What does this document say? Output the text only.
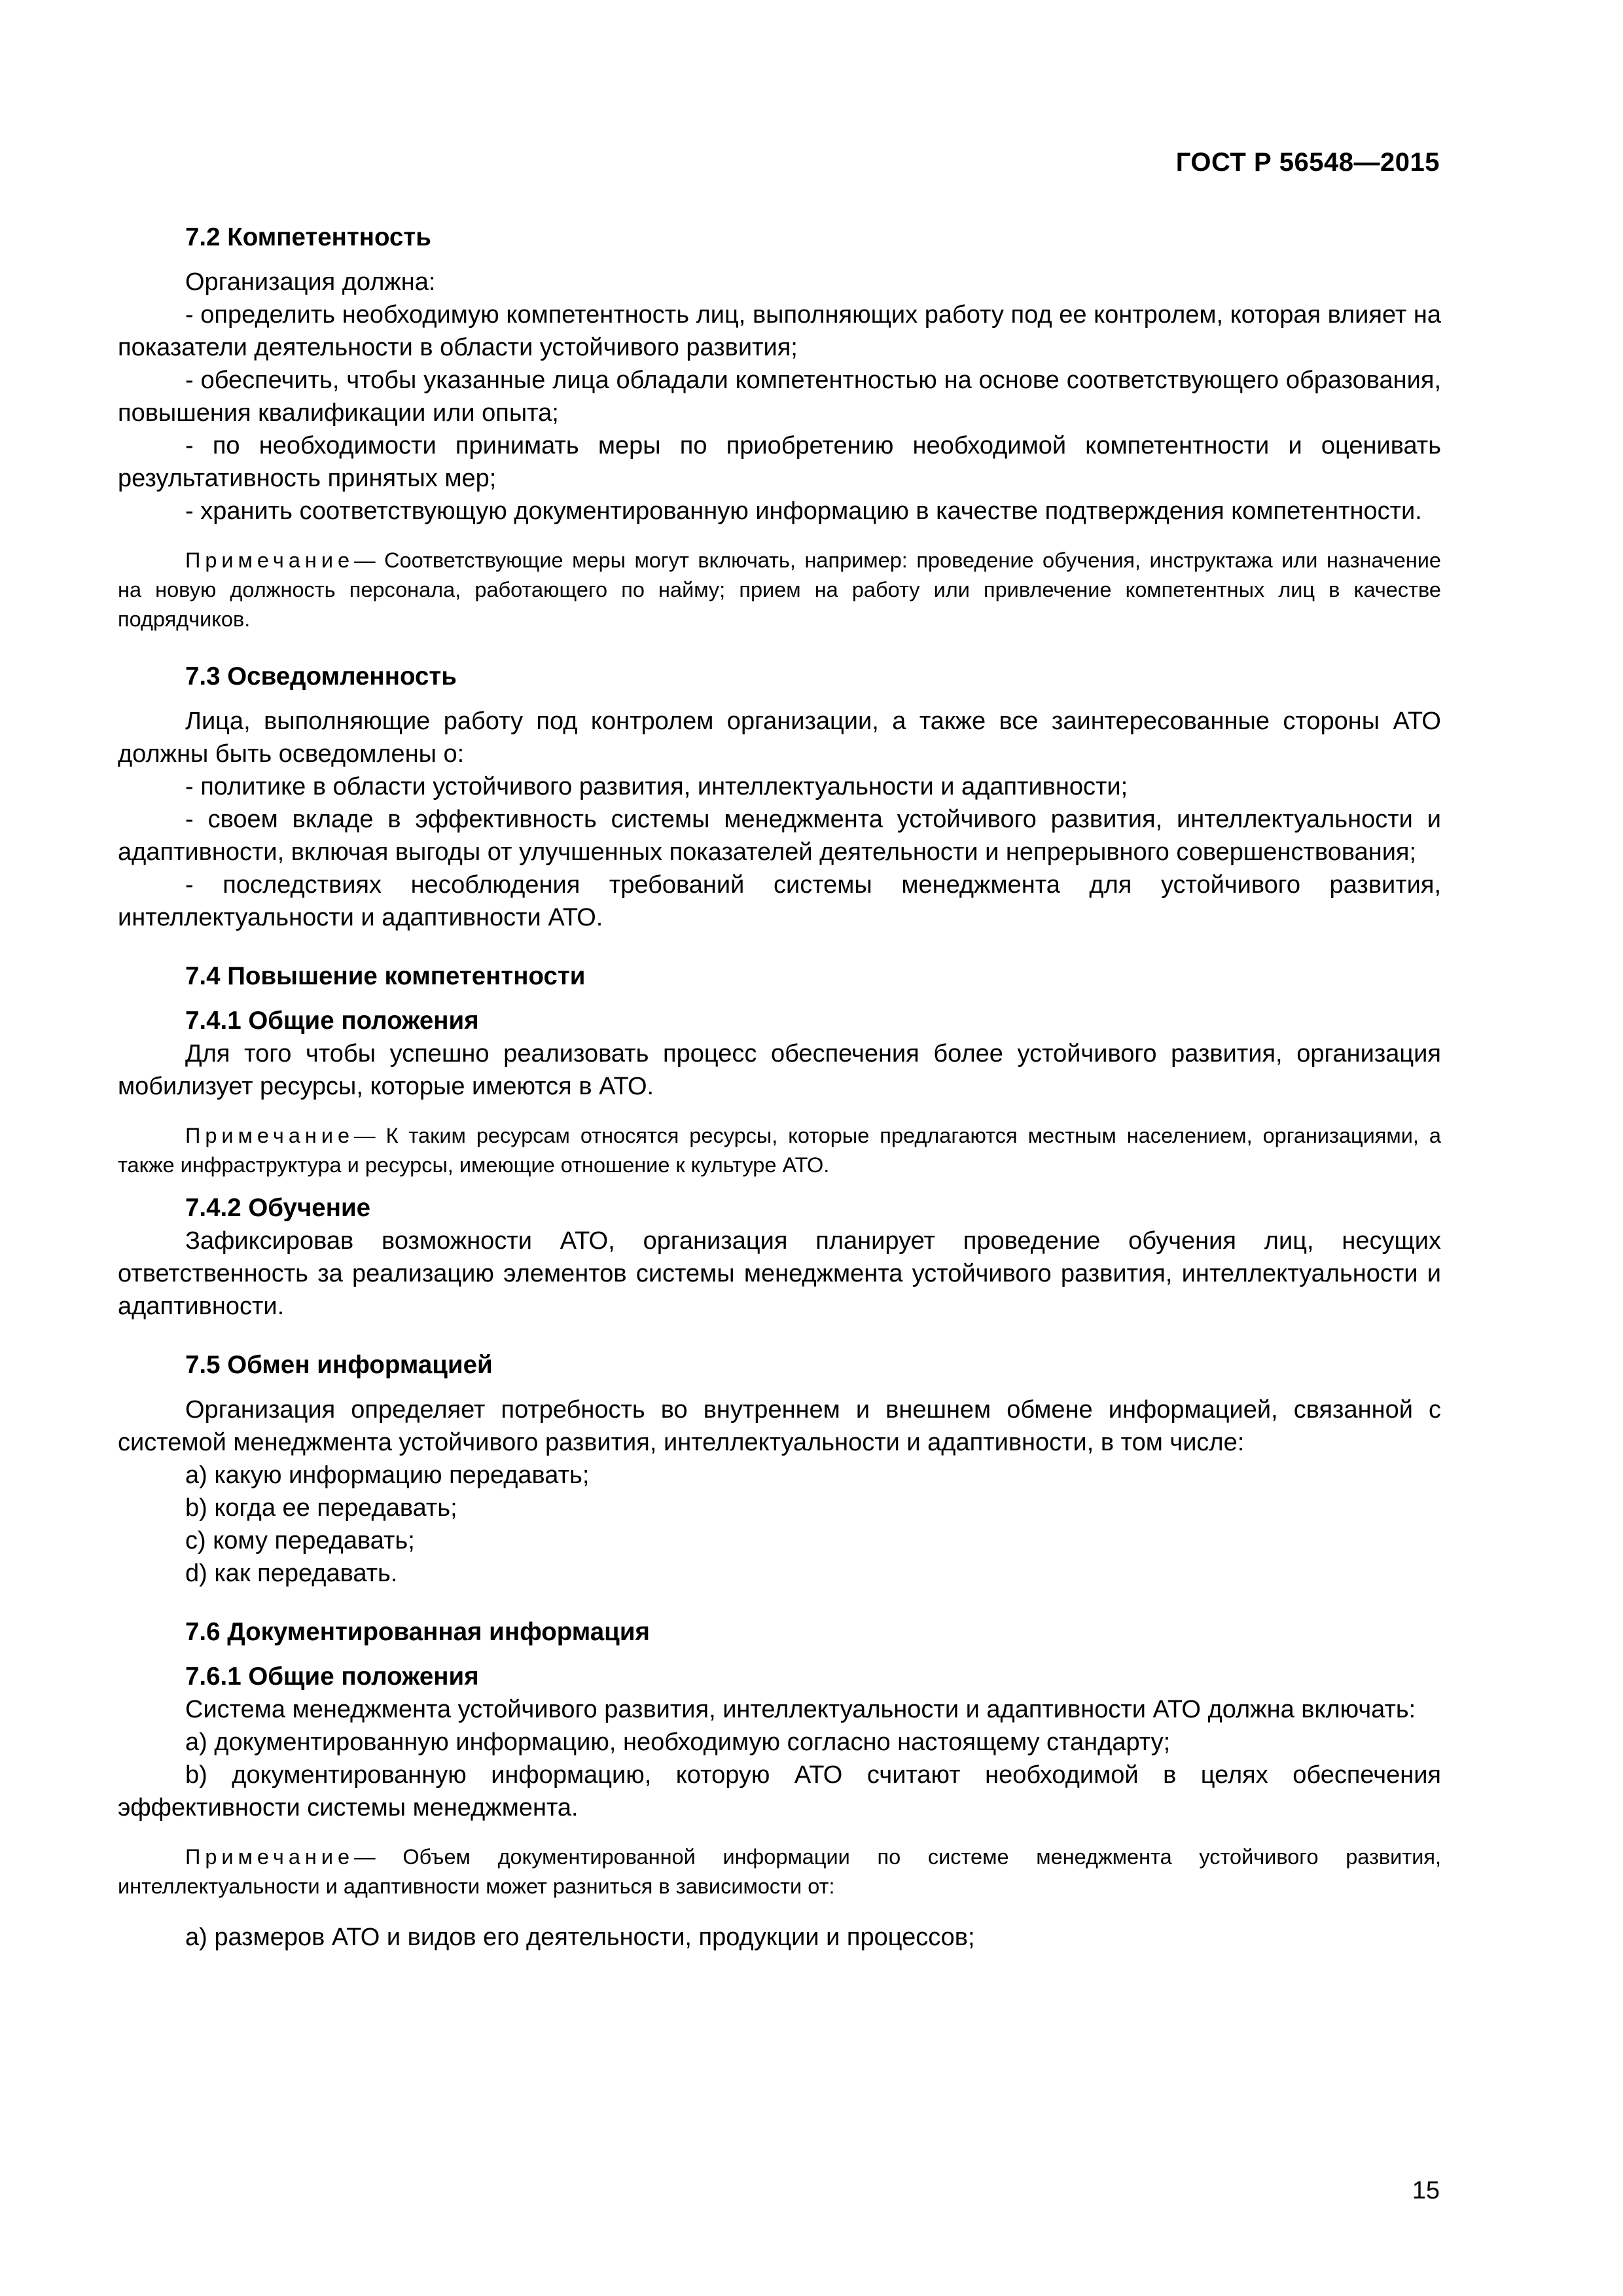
ГОСТ Р 56548—2015

7.2 Компетентность

Организация должна:

- определить необходимую компетентность лиц, выполняющих работу под ее контролем, которая влияет на показатели деятельности в области устойчивого развития;

- обеспечить, чтобы указанные лица обладали компетентностью на основе соответствующего образования, повышения квалификации или опыта;

- по необходимости принимать меры по приобретению необходимой компетентности и оценивать результативность принятых мер;

- хранить соответствующую документированную информацию в качестве подтверждения компетентности.

Примечание— Соответствующие меры могут включать, например: проведение обучения, инструктажа или назначение на новую должность персонала, работающего по найму; прием на работу или привлечение компетентных лиц в качестве подрядчиков.

7.3 Осведомленность

Лица, выполняющие работу под контролем организации, а также все заинтересованные стороны АТО должны быть осведомлены о:

- политике в области устойчивого развития, интеллектуальности и адаптивности;

- своем вкладе в эффективность системы менеджмента устойчивого развития, интеллектуальности и адаптивности, включая выгоды от улучшенных показателей деятельности и непрерывного совершенствования;

- последствиях несоблюдения требований системы менеджмента для устойчивого развития, интеллектуальности и адаптивности АТО.

7.4 Повышение компетентности

7.4.1 Общие положения

Для того чтобы успешно реализовать процесс обеспечения более устойчивого развития, организация мобилизует ресурсы, которые имеются в АТО.

Примечание— К таким ресурсам относятся ресурсы, которые предлагаются местным населением, организациями, а также инфраструктура и ресурсы, имеющие отношение к культуре АТО.

7.4.2 Обучение

Зафиксировав возможности АТО, организация планирует проведение обучения лиц, несущих ответственность за реализацию элементов системы менеджмента устойчивого развития, интеллектуальности и адаптивности.

7.5 Обмен информацией

Организация определяет потребность во внутреннем и внешнем обмене информацией, связанной с системой менеджмента устойчивого развития, интеллектуальности и адаптивности, в том числе:

a) какую информацию передавать;

b) когда ее передавать;

c) кому передавать;

d) как передавать.

7.6 Документированная информация

7.6.1 Общие положения

Система менеджмента устойчивого развития, интеллектуальности и адаптивности АТО должна включать:

a) документированную информацию, необходимую согласно настоящему стандарту;

b) документированную информацию, которую АТО считают необходимой в целях обеспечения эффективности системы менеджмента.

Примечание— Объем документированной информации по системе менеджмента устойчивого развития, интеллектуальности и адаптивности может разниться в зависимости от:

a) размеров АТО и видов его деятельности, продукции и процессов;

15
